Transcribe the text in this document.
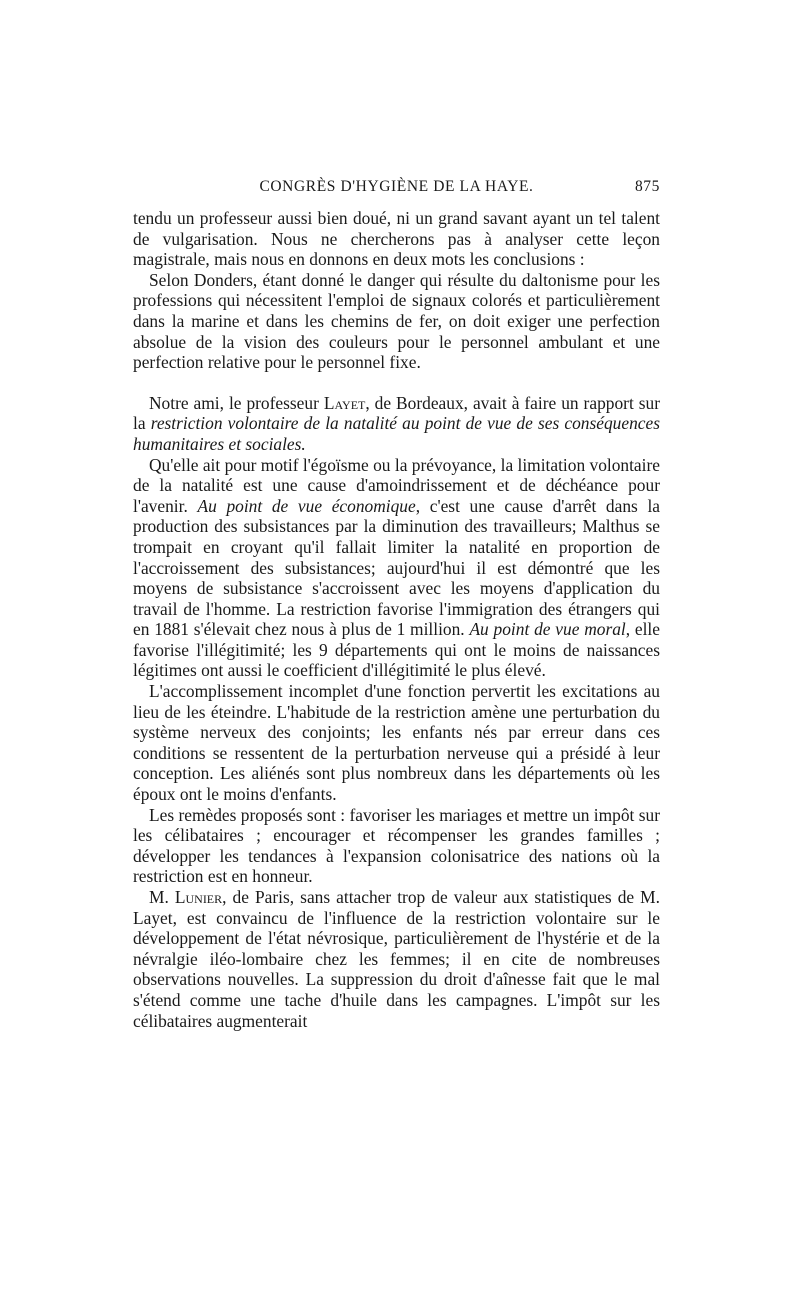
CONGRÈS D'HYGIÈNE DE LA HAYE.	875

tendu un professeur aussi bien doué, ni un grand savant ayant un tel talent de vulgarisation. Nous ne chercherons pas à analyser cette leçon magistrale, mais nous en donnons en deux mots les conclusions :

Selon Donders, étant donné le danger qui résulte du daltonisme pour les professions qui nécessitent l'emploi de signaux colorés et particulièrement dans la marine et dans les chemins de fer, on doit exiger une perfection absolue de la vision des couleurs pour le personnel ambulant et une perfection relative pour le personnel fixe.

Notre ami, le professeur Layet, de Bordeaux, avait à faire un rapport sur la restriction volontaire de la natalité au point de vue de ses conséquences humanitaires et sociales.

Qu'elle ait pour motif l'égoïsme ou la prévoyance, la limitation volontaire de la natalité est une cause d'amoindrissement et de déchéance pour l'avenir. Au point de vue économique, c'est une cause d'arrêt dans la production des subsistances par la diminution des travailleurs; Malthus se trompait en croyant qu'il fallait limiter la natalité en proportion de l'accroissement des subsistances; aujourd'hui il est démontré que les moyens de subsistance s'accroissent avec les moyens d'application du travail de l'homme. La restriction favorise l'immigration des étrangers qui en 1881 s'élevait chez nous à plus de 1 million. Au point de vue moral, elle favorise l'illégitimité; les 9 départements qui ont le moins de naissances légitimes ont aussi le coefficient d'illégitimité le plus élevé.

L'accomplissement incomplet d'une fonction pervertit les excitations au lieu de les éteindre. L'habitude de la restriction amène une perturbation du système nerveux des conjoints; les enfants nés par erreur dans ces conditions se ressentent de la perturbation nerveuse qui a présidé à leur conception. Les aliénés sont plus nombreux dans les départements où les époux ont le moins d'enfants.

Les remèdes proposés sont : favoriser les mariages et mettre un impôt sur les célibataires ; encourager et récompenser les grandes familles ; développer les tendances à l'expansion colonisatrice des nations où la restriction est en honneur.

M. Lunier, de Paris, sans attacher trop de valeur aux statistiques de M. Layet, est convaincu de l'influence de la restriction volontaire sur le développement de l'état névrosique, particulièrement de l'hystérie et de la névralgie iléo-lombaire chez les femmes; il en cite de nombreuses observations nouvelles. La suppression du droit d'aînesse fait que le mal s'étend comme une tache d'huile dans les campagnes. L'impôt sur les célibataires augmenterait
